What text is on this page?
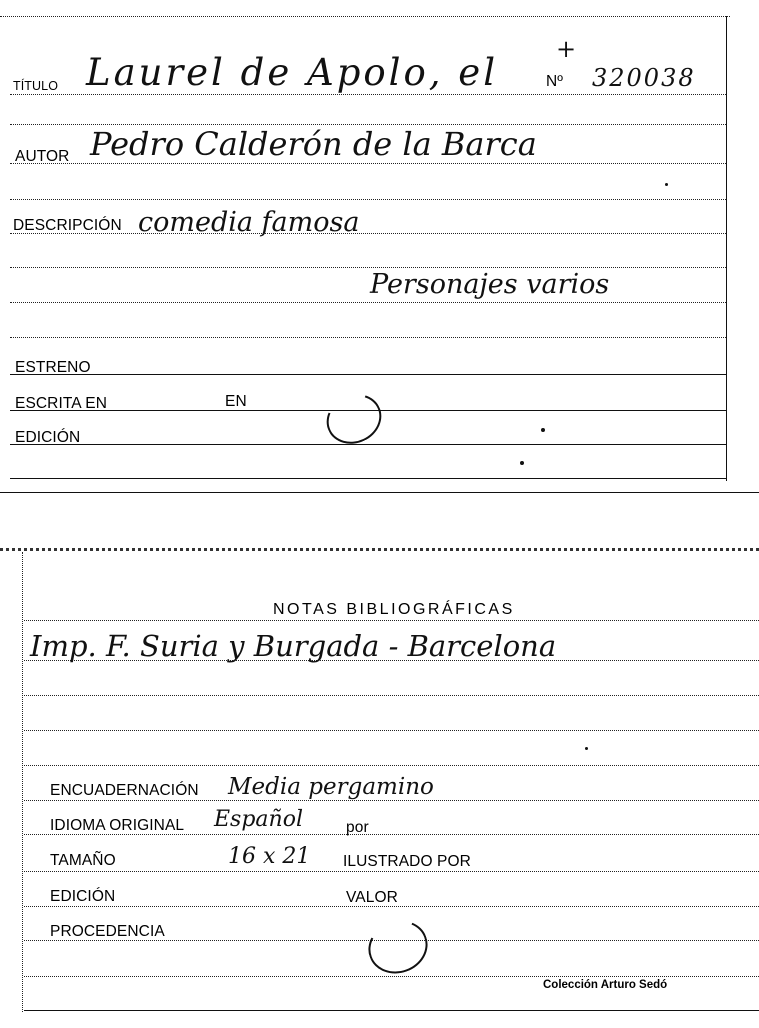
TÍTULO Laurel de Apolo, el
+
Nº 320038
AUTOR Pedro Calderón de la Barca
DESCRIPCIÓN comedia famosa
Personajes varios
ESTRENO
ESCRITA EN	EN
EDICIÓN
NOTAS BIBLIOGRÁFICAS
Imp. F. Suria y Burgada - Barcelona
ENCUADERNACIÓN Media pergamino
IDIOMA ORIGINAL Español	por
TAMAÑO	16 x 21 ILUSTRADO POR
EDICIÓN	VALOR
PROCEDENCIA
Colección Arturo Sedó
